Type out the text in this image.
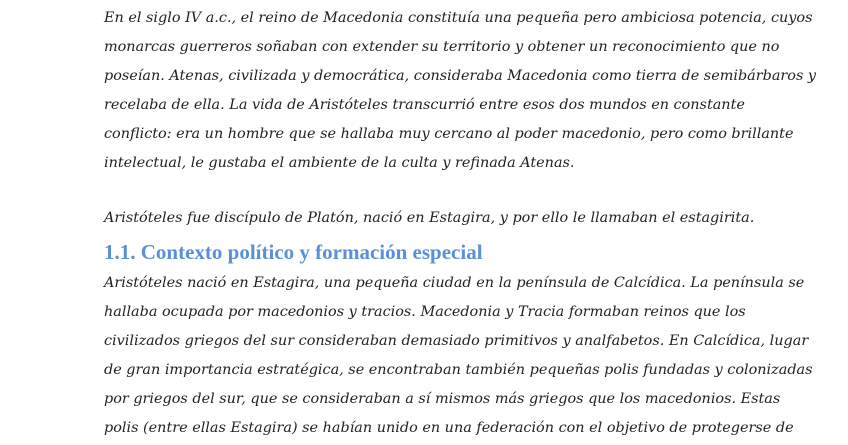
En el siglo IV a.c., el reino de Macedonia constituía una pequeña pero ambiciosa potencia, cuyos
monarcas guerreros soñaban con extender su territorio y obtener un reconocimiento que no
poseían. Atenas, civilizada y democrática, consideraba Macedonia como tierra de semibárbaros y
recelaba de ella. La vida de Aristóteles transcurrió entre esos dos mundos en constante
conflicto: era un hombre que se hallaba muy cercano al poder macedonio, pero como brillante
intelectual, le gustaba el ambiente de la culta y refinada Atenas.

Aristóteles fue discípulo de Platón, nació en Estagira, y por ello le llamaban el estagirita.

1.1. Contexto político y formación especial

Aristóteles nació en Estagira, una pequeña ciudad en la península de Calcídica. La península se
hallaba ocupada por macedonios y tracios. Macedonia y Tracia formaban reinos que los
civilizados griegos del sur consideraban demasiado primitivos y analfabetos. En Calcídica, lugar
de gran importancia estratégica, se encontraban también pequeñas polis fundadas y colonizadas
por griegos del sur, que se consideraban a sí mismos más griegos que los macedonios. Estas
polis (entre ellas Estagira) se habían unido en una federación con el objetivo de protegerse de
